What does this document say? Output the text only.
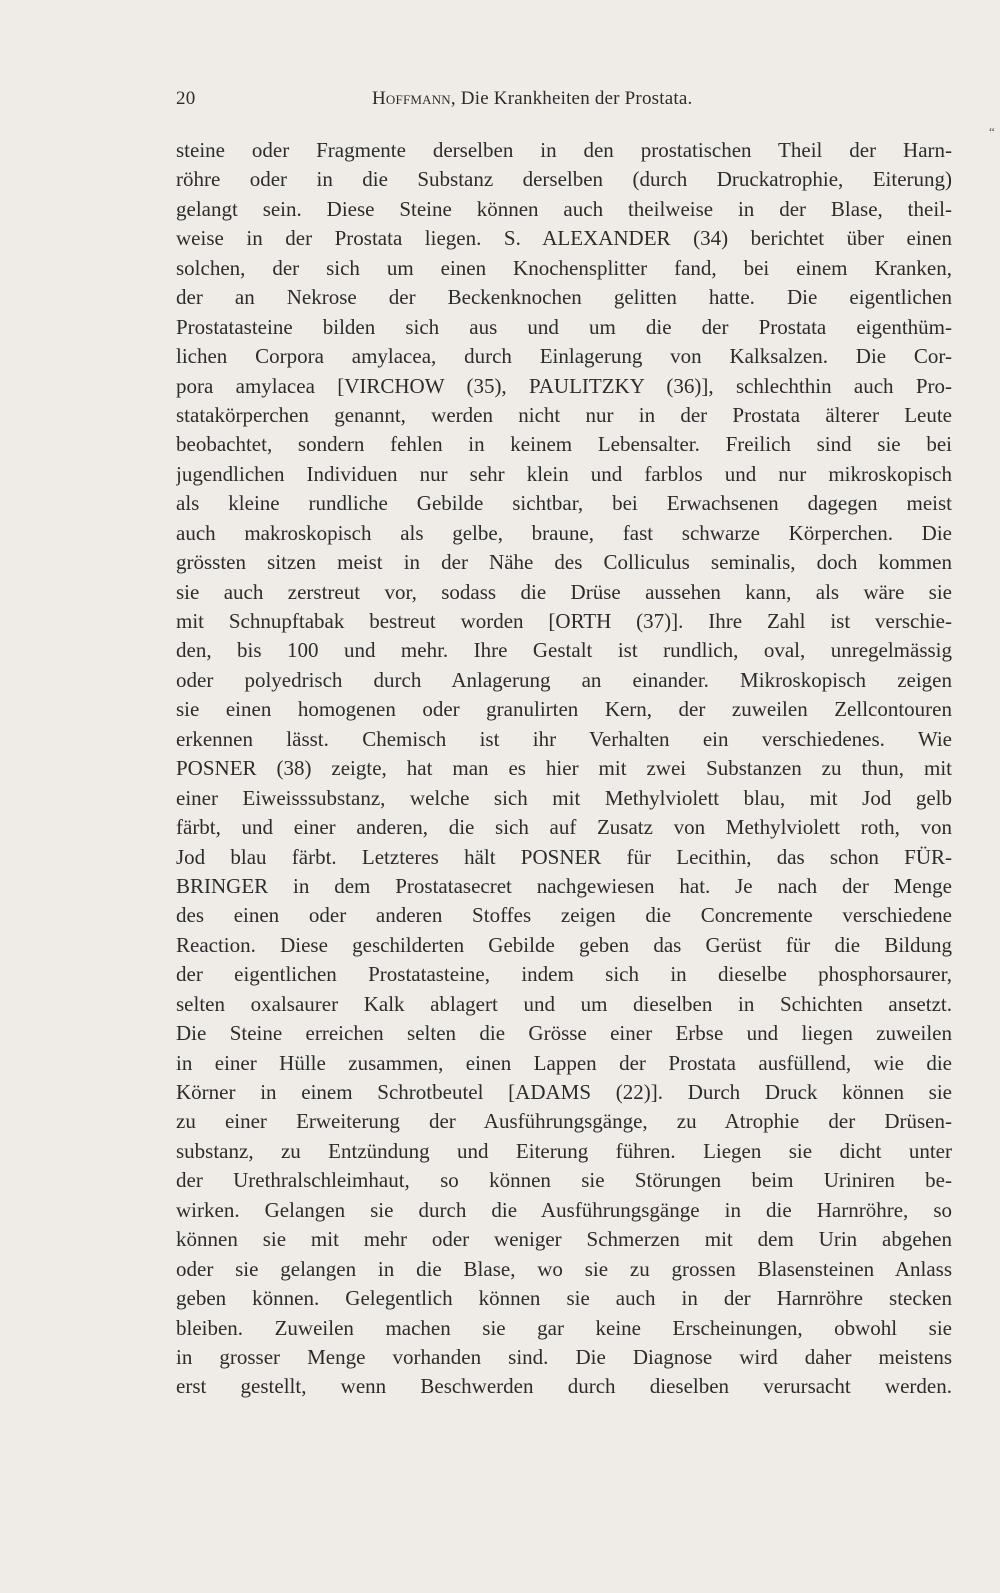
20	Hoffmann, Die Krankheiten der Prostata.
“
steine oder Fragmente derselben in den prostatischen Theil der Harn-
röhre oder in die Substanz derselben (durch Druckatrophie, Eiterung)
gelangt sein. Diese Steine können auch theilweise in der Blase, theil-
weise in der Prostata liegen. S. ALEXANDER (34) berichtet über einen
solchen, der sich um einen Knochensplitter fand, bei einem Kranken,
der an Nekrose der Beckenknochen gelitten hatte. Die eigentlichen
Prostatasteine bilden sich aus und um die der Prostata eigenthüm-
lichen Corpora amylacea, durch Einlagerung von Kalksalzen. Die Cor-
pora amylacea [VIRCHOW (35), PAULITZKY (36)], schlechthin auch Pro-
statakörperchen genannt, werden nicht nur in der Prostata älterer Leute
beobachtet, sondern fehlen in keinem Lebensalter. Freilich sind sie bei
jugendlichen Individuen nur sehr klein und farblos und nur mikroskopisch
als kleine rundliche Gebilde sichtbar, bei Erwachsenen dagegen meist
auch makroskopisch als gelbe, braune, fast schwarze Körperchen. Die
grössten sitzen meist in der Nähe des Colliculus seminalis, doch kommen
sie auch zerstreut vor, sodass die Drüse aussehen kann, als wäre sie
mit Schnupftabak bestreut worden [ORTH (37)]. Ihre Zahl ist verschie-
den, bis 100 und mehr. Ihre Gestalt ist rundlich, oval, unregelmässig
oder polyedrisch durch Anlagerung an einander. Mikroskopisch zeigen
sie einen homogenen oder granulirten Kern, der zuweilen Zellcontouren
erkennen lässt. Chemisch ist ihr Verhalten ein verschiedenes. Wie
POSNER (38) zeigte, hat man es hier mit zwei Substanzen zu thun, mit
einer Eiweisssubstanz, welche sich mit Methylviolett blau, mit Jod gelb
färbt, und einer anderen, die sich auf Zusatz von Methylviolett roth, von
Jod blau färbt. Letzteres hält POSNER für Lecithin, das schon FÜR-
BRINGER in dem Prostatasecret nachgewiesen hat. Je nach der Menge
des einen oder anderen Stoffes zeigen die Concremente verschiedene
Reaction. Diese geschilderten Gebilde geben das Gerüst für die Bildung
der eigentlichen Prostatasteine, indem sich in dieselbe phosphorsaurer,
selten oxalsaurer Kalk ablagert und um dieselben in Schichten ansetzt.
Die Steine erreichen selten die Grösse einer Erbse und liegen zuweilen
in einer Hülle zusammen, einen Lappen der Prostata ausfüllend, wie die
Körner in einem Schrotbeutel [ADAMS (22)]. Durch Druck können sie
zu einer Erweiterung der Ausführungsgänge, zu Atrophie der Drüsen-
substanz, zu Entzündung und Eiterung führen. Liegen sie dicht unter
der Urethralschleimhaut, so können sie Störungen beim Uriniren be-
wirken. Gelangen sie durch die Ausführungsgänge in die Harnröhre, so
können sie mit mehr oder weniger Schmerzen mit dem Urin abgehen
oder sie gelangen in die Blase, wo sie zu grossen Blasensteinen Anlass
geben können. Gelegentlich können sie auch in der Harnröhre stecken
bleiben. Zuweilen machen sie gar keine Erscheinungen, obwohl sie
in grosser Menge vorhanden sind. Die Diagnose wird daher meistens
erst gestellt, wenn Beschwerden durch dieselben verursacht werden.
